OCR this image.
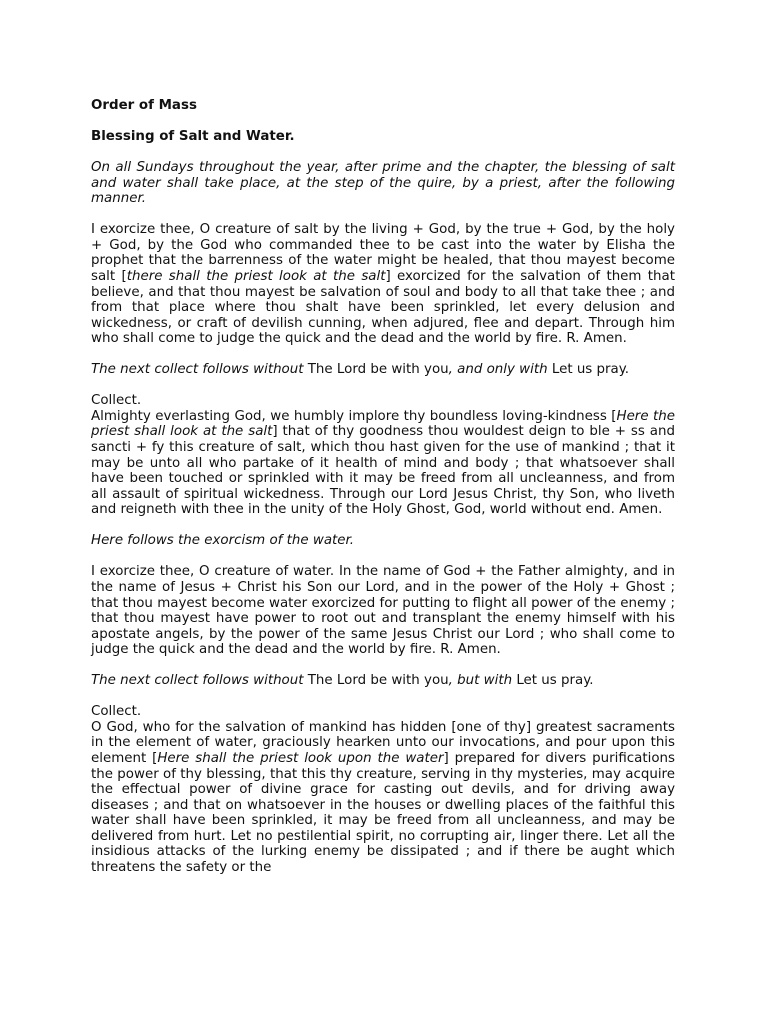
Order of Mass

Blessing of Salt and Water.

On all Sundays throughout the year, after prime and the chapter, the blessing of salt and water shall take place, at the step of the quire, by a priest, after the following manner.

I exorcize thee, O creature of salt by the living + God, by the true + God, by the holy + God, by the God who commanded thee to be cast into the water by Elisha the prophet that the barrenness of the water might be healed, that thou mayest become salt [there shall the priest look at the salt] exorcized for the salvation of them that believe, and that thou mayest be salvation of soul and body to all that take thee ; and from that place where thou shalt have been sprinkled, let every delusion and wickedness, or craft of devilish cunning, when adjured, flee and depart. Through him who shall come to judge the quick and the dead and the world by fire. R. Amen.

The next collect follows without The Lord be with you, and only with Let us pray.

Collect.

Almighty everlasting God, we humbly implore thy boundless loving-kindness [Here the priest shall look at the salt] that of thy goodness thou wouldest deign to ble + ss and sancti + fy this creature of salt, which thou hast given for the use of mankind ; that it may be unto all who partake of it health of mind and body ; that whatsoever shall have been touched or sprinkled with it may be freed from all uncleanness, and from all assault of spiritual wickedness. Through our Lord Jesus Christ, thy Son, who liveth and reigneth with thee in the unity of the Holy Ghost, God, world without end. Amen.

Here follows the exorcism of the water.

I exorcize thee, O creature of water. In the name of God + the Father almighty, and in the name of Jesus + Christ his Son our Lord, and in the power of the Holy + Ghost ; that thou mayest become water exorcized for putting to flight all power of the enemy ; that thou mayest have power to root out and transplant the enemy himself with his apostate angels, by the power of the same Jesus Christ our Lord ; who shall come to judge the quick and the dead and the world by fire. R. Amen.

The next collect follows without The Lord be with you, but with Let us pray.

Collect.

O God, who for the salvation of mankind has hidden [one of thy] greatest sacraments in the element of water, graciously hearken unto our invocations, and pour upon this element [Here shall the priest look upon the water] prepared for divers purifications the power of thy blessing, that this thy creature, serving in thy mysteries, may acquire the effectual power of divine grace for casting out devils, and for driving away diseases ; and that on whatsoever in the houses or dwelling places of the faithful this water shall have been sprinkled, it may be freed from all uncleanness, and may be delivered from hurt. Let no pestilential spirit, no corrupting air, linger there. Let all the insidious attacks of the lurking enemy be dissipated ; and if there be aught which threatens the safety or the
